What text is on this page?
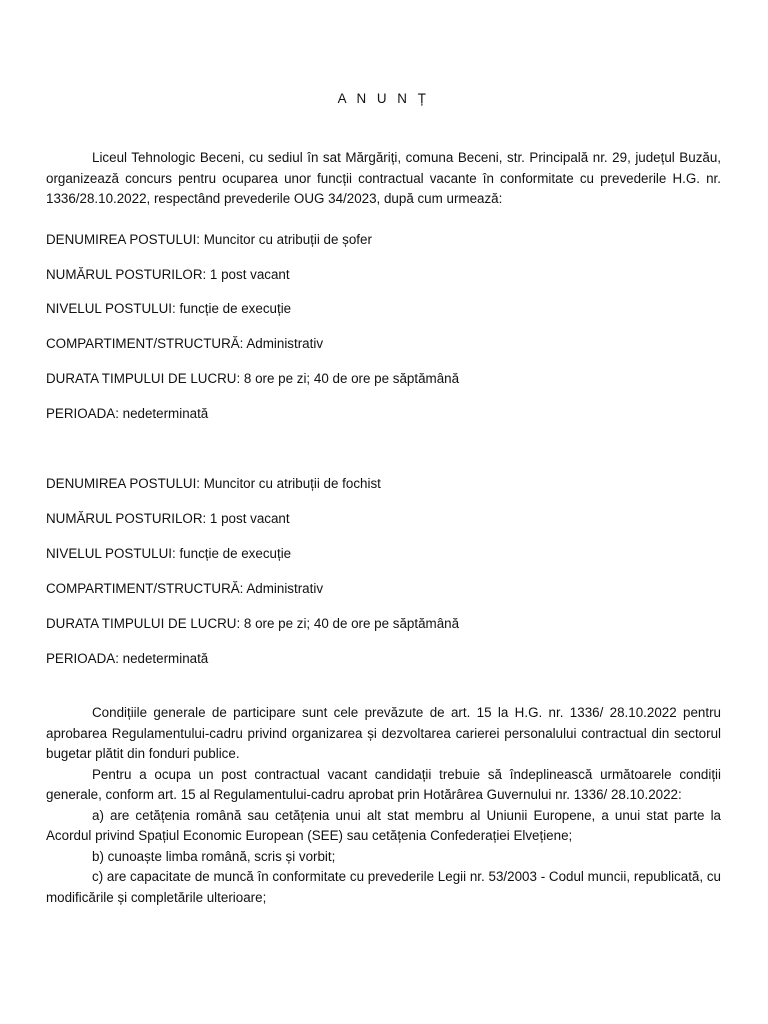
A N U N Ț

Liceul Tehnologic Beceni, cu sediul în sat Mărgăriți, comuna Beceni, str. Principală nr. 29, județul Buzău, organizează concurs pentru ocuparea unor funcții contractual vacante în conformitate cu prevederile H.G. nr. 1336/28.10.2022, respectând prevederile OUG 34/2023, după cum urmează:

DENUMIREA POSTULUI: Muncitor cu atribuții de șofer

NUMĂRUL POSTURILOR: 1 post vacant

NIVELUL POSTULUI: funcție de execuție

COMPARTIMENT/STRUCTURĂ: Administrativ

DURATA TIMPULUI DE LUCRU: 8 ore pe zi; 40 de ore pe săptămână

PERIOADA: nedeterminată

DENUMIREA POSTULUI: Muncitor cu atribuții de fochist

NUMĂRUL POSTURILOR: 1 post vacant

NIVELUL POSTULUI: funcție de execuție

COMPARTIMENT/STRUCTURĂ: Administrativ

DURATA TIMPULUI DE LUCRU: 8 ore pe zi; 40 de ore pe săptămână

PERIOADA: nedeterminată

Condițiile generale de participare sunt cele prevăzute de art. 15 la H.G. nr. 1336/ 28.10.2022 pentru aprobarea Regulamentului-cadru privind organizarea și dezvoltarea carierei personalului contractual din sectorul bugetar plătit din fonduri publice.

Pentru a ocupa un post contractual vacant candidații trebuie să îndeplinească următoarele condiții generale, conform art. 15 al Regulamentului-cadru aprobat prin Hotărârea Guvernului nr. 1336/ 28.10.2022:

a) are cetățenia română sau cetățenia unui alt stat membru al Uniunii Europene, a unui stat parte la Acordul privind Spațiul Economic European (SEE) sau cetățenia Confederației Elvețiene;

b) cunoaște limba română, scris și vorbit;

c) are capacitate de muncă în conformitate cu prevederile Legii nr. 53/2003 - Codul muncii, republicată, cu modificările și completările ulterioare;
